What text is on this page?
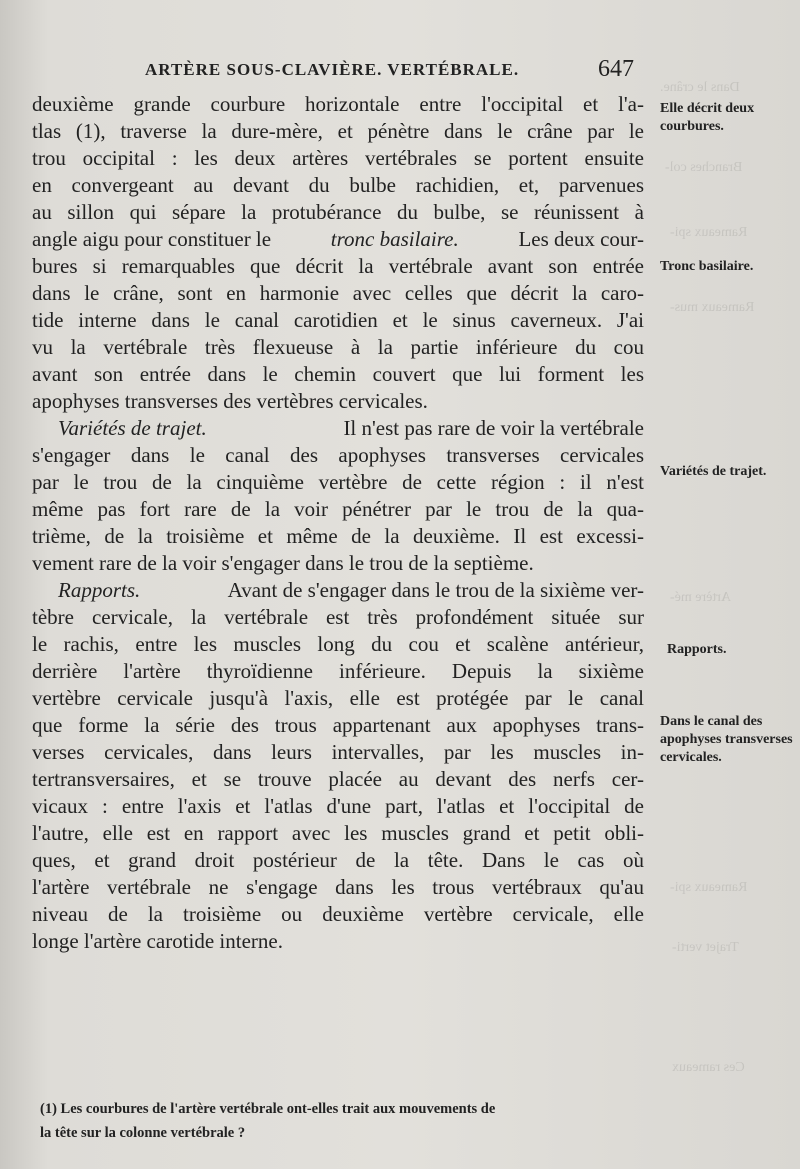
Dans le crâne.
Branches col-
Rameaux spi-
Rameaux mus-
Artère mé-
Rameaux spi-
Trajet verti-
Ces rameaux
ARTÈRE SOUS-CLAVIÈRE. VERTÉBRALE.	647
deuxième grande courbure horizontale entre l'occipital et l'a-
tlas (1), traverse la dure-mère, et pénètre dans le crâne par le
trou occipital : les deux artères vertébrales se portent ensuite
en convergeant au devant du bulbe rachidien, et, parvenues
au sillon qui sépare la protubérance du bulbe, se réunissent à
angle aigu pour constituer le	tronc basilaire.	Les deux cour-
bures si remarquables que décrit la vertébrale avant son entrée
dans le crâne, sont en harmonie avec celles que décrit la caro-
tide interne dans le canal carotidien et le sinus caverneux. J'ai
vu la vertébrale très flexueuse à la partie inférieure du cou
avant son entrée dans le chemin couvert que lui forment les
apophyses transverses des vertèbres cervicales.
Variétés de trajet.	Il n'est pas rare de voir la vertébrale
s'engager dans le canal des apophyses transverses cervicales
par le trou de la cinquième vertèbre de cette région : il n'est
même pas fort rare de la voir pénétrer par le trou de la qua-
trième, de la troisième et même de la deuxième. Il est excessi-
vement rare de la voir s'engager dans le trou de la septième.
Rapports.	Avant de s'engager dans le trou de la sixième ver-
tèbre cervicale, la vertébrale est très profondément située sur
le rachis, entre les muscles long du cou et scalène antérieur,
derrière l'artère thyroïdienne inférieure. Depuis la sixième
vertèbre cervicale jusqu'à l'axis, elle est protégée par le canal
que forme la série des trous appartenant aux apophyses trans-
verses cervicales, dans leurs intervalles, par les muscles in-
tertransversaires, et se trouve placée au devant des nerfs cer-
vicaux : entre l'axis et l'atlas d'une part, l'atlas et l'occipital de
l'autre, elle est en rapport avec les muscles grand et petit obli-
ques, et grand droit postérieur de la tête. Dans le cas où
l'artère vertébrale ne s'engage dans les trous vertébraux qu'au
niveau de la troisième ou deuxième vertèbre cervicale, elle
longe l'artère carotide interne.
Elle décrit deux courbures.
Tronc basilaire.
Variétés de trajet.
Rapports.
Dans le canal des apophyses transverses cervicales.
(1) Les courbures de l'artère vertébrale ont-elles trait aux mouvements de
la tête sur la colonne vertébrale ?
